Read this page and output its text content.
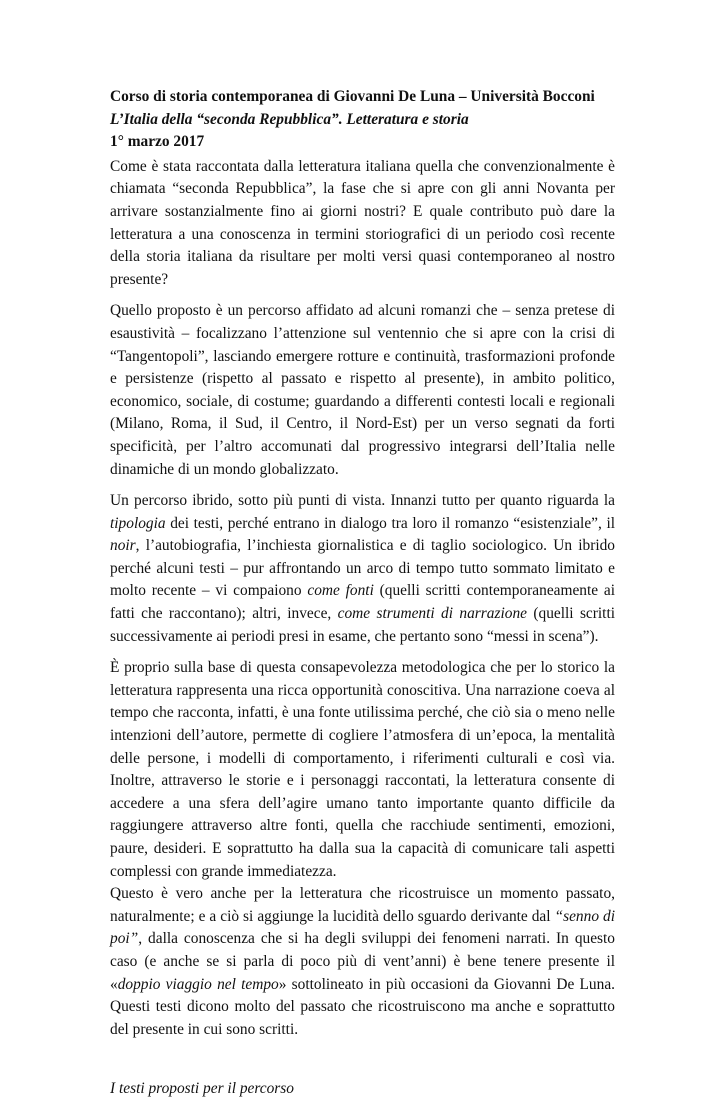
Corso di storia contemporanea di Giovanni De Luna – Università Bocconi
L’Italia della “seconda Repubblica”. Letteratura e storia
1° marzo 2017

Come è stata raccontata dalla letteratura italiana quella che convenzionalmente è chiamata “seconda Repubblica”, la fase che si apre con gli anni Novanta per arrivare sostanzialmente fino ai giorni nostri? E quale contributo può dare la letteratura a una conoscenza in termini storiografici di un periodo così recente della storia italiana da risultare per molti versi quasi contemporaneo al nostro presente?

Quello proposto è un percorso affidato ad alcuni romanzi che – senza pretese di esaustività – focalizzano l’attenzione sul ventennio che si apre con la crisi di “Tangentopoli”, lasciando emergere rotture e continuità, trasformazioni profonde e persistenze (rispetto al passato e rispetto al presente), in ambito politico, economico, sociale, di costume; guardando a differenti contesti locali e regionali (Milano, Roma, il Sud, il Centro, il Nord-Est) per un verso segnati da forti specificità, per l’altro accomunati dal progressivo integrarsi dell’Italia nelle dinamiche di un mondo globalizzato.

Un percorso ibrido, sotto più punti di vista. Innanzi tutto per quanto riguarda la tipologia dei testi, perché entrano in dialogo tra loro il romanzo “esistenziale”, il noir, l’autobiografia, l’inchiesta giornalistica e di taglio sociologico. Un ibrido perché alcuni testi – pur affrontando un arco di tempo tutto sommato limitato e molto recente – vi compaiono come fonti (quelli scritti contemporaneamente ai fatti che raccontano); altri, invece, come strumenti di narrazione (quelli scritti successivamente ai periodi presi in esame, che pertanto sono “messi in scena”).

È proprio sulla base di questa consapevolezza metodologica che per lo storico la letteratura rappresenta una ricca opportunità conoscitiva. Una narrazione coeva al tempo che racconta, infatti, è una fonte utilissima perché, che ciò sia o meno nelle intenzioni dell’autore, permette di cogliere l’atmosfera di un’epoca, la mentalità delle persone, i modelli di comportamento, i riferimenti culturali e così via. Inoltre, attraverso le storie e i personaggi raccontati, la letteratura consente di accedere a una sfera dell’agire umano tanto importante quanto difficile da raggiungere attraverso altre fonti, quella che racchiude sentimenti, emozioni, paure, desideri. E soprattutto ha dalla sua la capacità di comunicare tali aspetti complessi con grande immediatezza.

Questo è vero anche per la letteratura che ricostruisce un momento passato, naturalmente; e a ciò si aggiunge la lucidità dello sguardo derivante dal “senno di poi”, dalla conoscenza che si ha degli sviluppi dei fenomeni narrati. In questo caso (e anche se si parla di poco più di vent’anni) è bene tenere presente il «doppio viaggio nel tempo» sottolineato in più occasioni da Giovanni De Luna. Questi testi dicono molto del passato che ricostruiscono ma anche e soprattutto del presente in cui sono scritti.

I testi proposti per il percorso
